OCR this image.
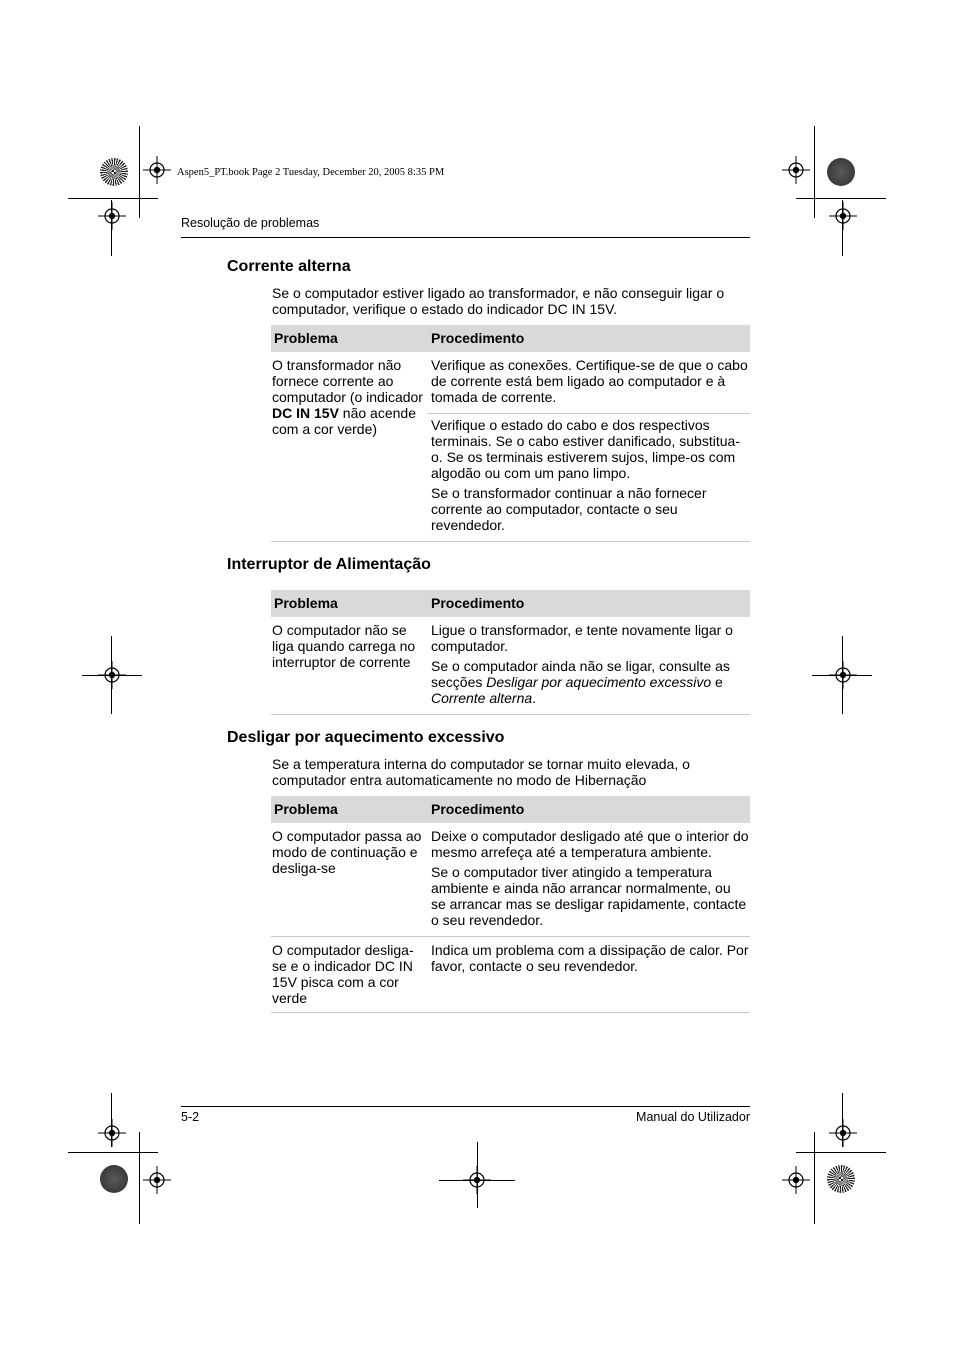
Aspen5_PT.book Page 2 Tuesday, December 20, 2005 8:35 PM
Resolução de problemas
Corrente alterna

Se o computador estiver ligado ao transformador, e não conseguir ligar o computador, verifique o estado do indicador DC IN 15V.

Problema	Procedimento
O transformador não fornece corrente ao computador (o indicador DC IN 15V não acende com a cor verde)	Verifique as conexões. Certifique-se de que o cabo de corrente está bem ligado ao computador e à tomada de corrente.

	Verifique o estado do cabo e dos respectivos terminais. Se o cabo estiver danificado, substitua-o. Se os terminais estiverem sujos, limpe-os com algodão ou com um pano limpo.

Se o transformador continuar a não fornecer corrente ao computador, contacte o seu revendedor.

Interruptor de Alimentação
Problema	Procedimento
O computador não se liga quando carrega no interruptor de corrente	Ligue o transformador, e tente novamente ligar o computador.

Se o computador ainda não se ligar, consulte as secções Desligar por aquecimento excessivo e Corrente alterna.

Desligar por aquecimento excessivo

Se a temperatura interna do computador se tornar muito elevada, o computador entra automaticamente no modo de Hibernação

Problema	Procedimento
O computador passa ao modo de continuação e desliga-se	Deixe o computador desligado até que o interior do mesmo arrefeça até a temperatura ambiente.

Se o computador tiver atingido a temperatura ambiente e ainda não arrancar normalmente, ou se arrancar mas se desligar rapidamente, contacte o seu revendedor.

O computador desliga-se e o indicador DC IN 15V pisca com a cor verde	Indica um problema com a dissipação de calor. Por favor, contacte o seu revendedor.

5-2	Manual do Utilizador
